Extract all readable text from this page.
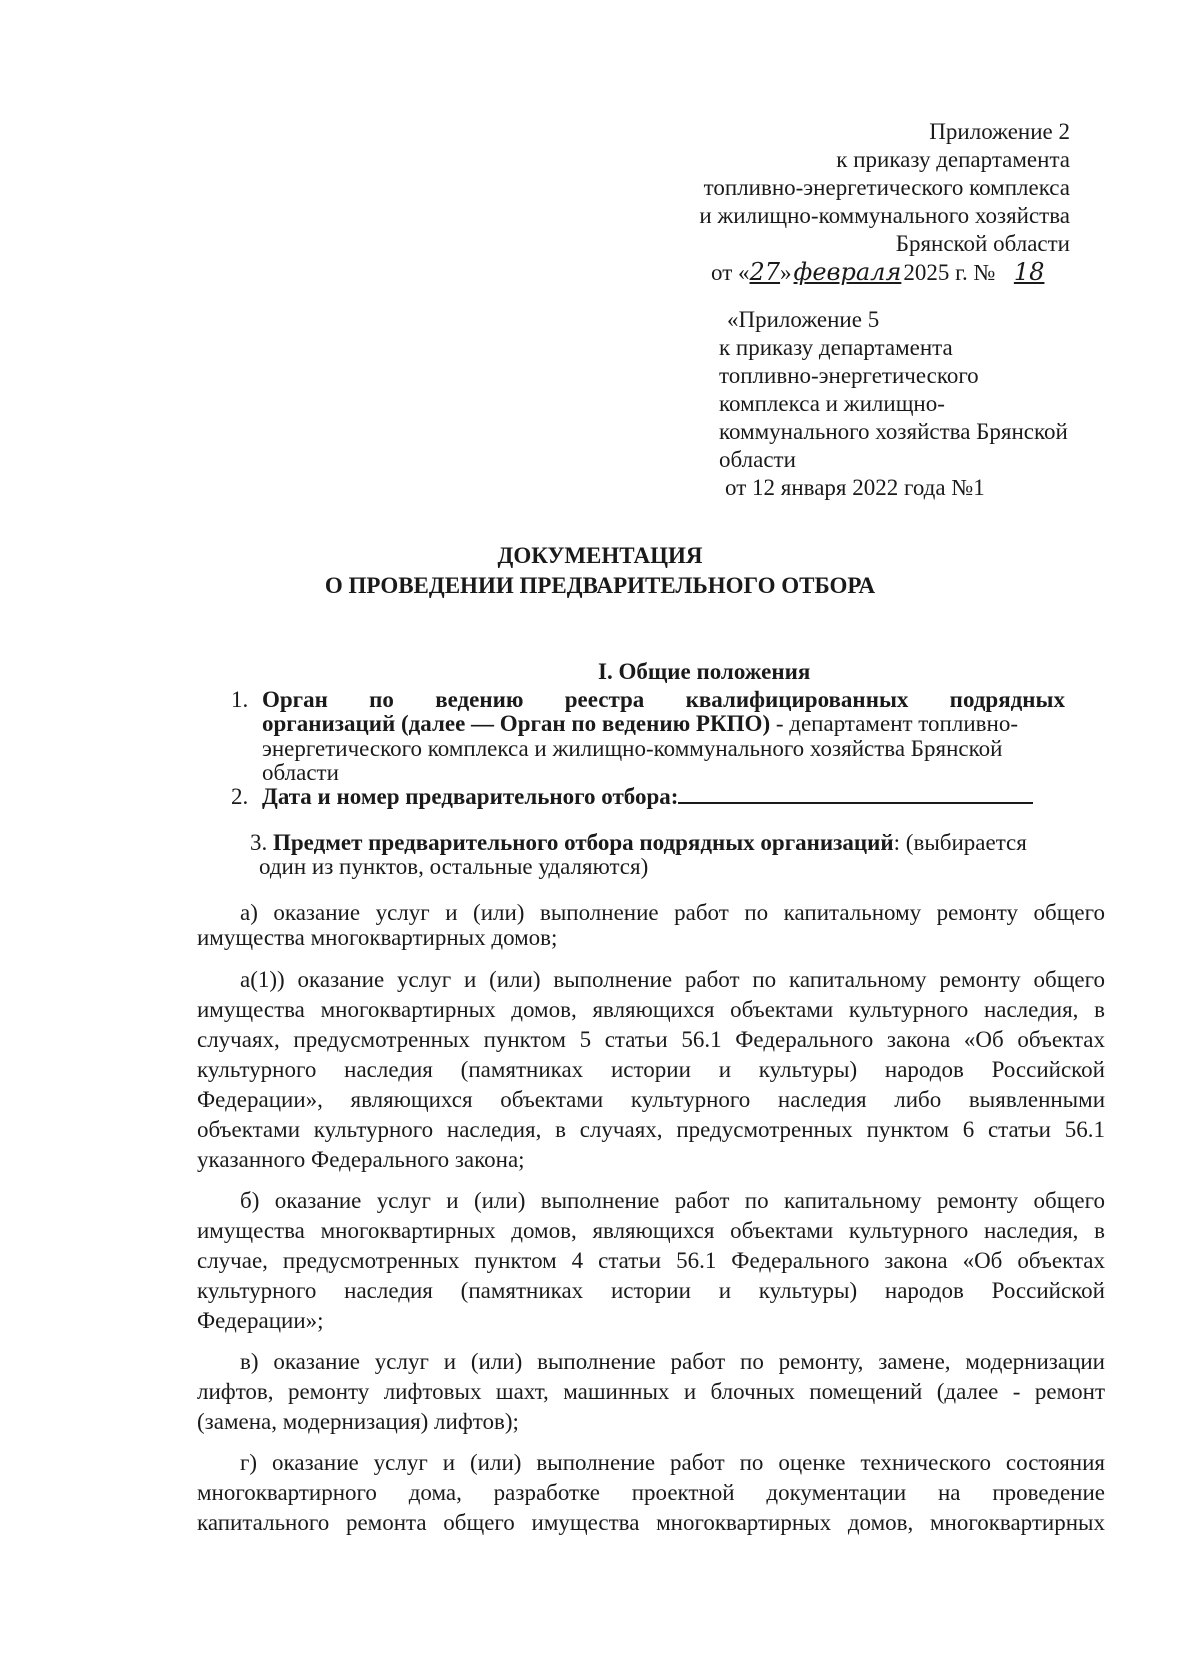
Приложение 2
к приказу департамента
топливно-энергетического комплекса
и жилищно-коммунального хозяйства
Брянской области
от «27»февраля2025 г. № 18
«Приложение 5
к приказу департамента
топливно-энергетического
комплекса и жилищно-
коммунального хозяйства Брянской
области
от 12 января 2022 года №1
ДОКУМЕНТАЦИЯ
О ПРОВЕДЕНИИ ПРЕДВАРИТЕЛЬНОГО ОТБОРА
I. Общие положения
1. Орган по ведению реестра квалифицированных подрядных
организаций (далее — Орган по ведению РКПО) - департамент топливно-
энергетического комплекса и жилищно-коммунального хозяйства Брянской
области
2. Дата и номер предварительного отбора:
3. Предмет предварительного отбора подрядных организаций: (выбирается
один из пунктов, остальные удаляются)
а) оказание услуг и (или) выполнение работ по капитальному ремонту общего
имущества многоквартирных домов;
а(1)) оказание услуг и (или) выполнение работ по капитальному ремонту общего
имущества многоквартирных домов, являющихся объектами культурного наследия, в
случаях, предусмотренных пунктом 5 статьи 56.1 Федерального закона «Об объектах
культурного наследия (памятниках истории и культуры) народов Российской
Федерации», являющихся объектами культурного наследия либо выявленными
объектами культурного наследия, в случаях, предусмотренных пунктом 6 статьи 56.1
указанного Федерального закона;
б) оказание услуг и (или) выполнение работ по капитальному ремонту общего
имущества многоквартирных домов, являющихся объектами культурного наследия, в
случае, предусмотренных пунктом 4 статьи 56.1 Федерального закона «Об объектах
культурного наследия (памятниках истории и культуры) народов Российской
Федерации»;
в) оказание услуг и (или) выполнение работ по ремонту, замене, модернизации
лифтов, ремонту лифтовых шахт, машинных и блочных помещений (далее - ремонт
(замена, модернизация) лифтов);
г) оказание услуг и (или) выполнение работ по оценке технического состояния
многоквартирного дома, разработке проектной документации на проведение
капитального ремонта общего имущества многоквартирных домов, многоквартирных
